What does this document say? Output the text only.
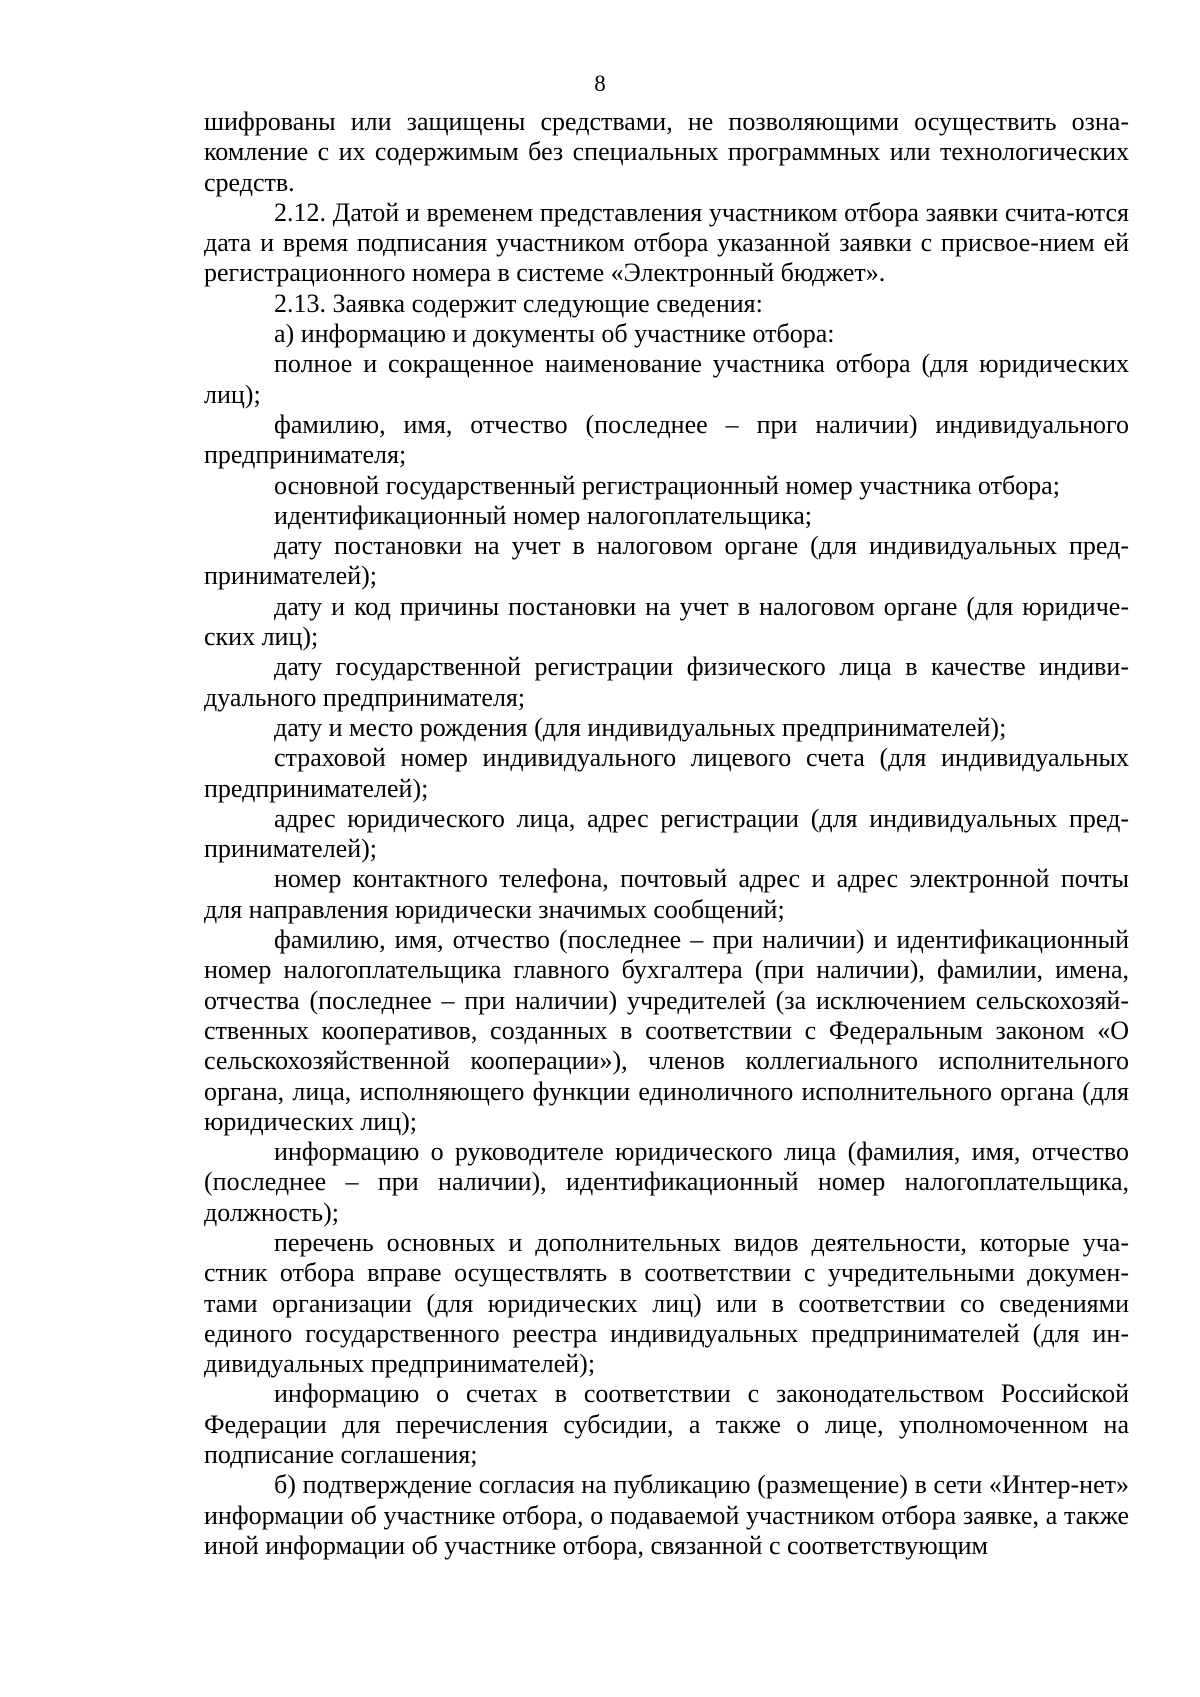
8

шифрованы или защищены средствами, не позволяющими осуществить озна-комление с их содержимым без специальных программных или технологических средств.

2.12. Датой и временем представления участником отбора заявки счита-ются дата и время подписания участником отбора указанной заявки с присвое-нием ей регистрационного номера в системе «Электронный бюджет».

2.13. Заявка содержит следующие сведения:

а) информацию и документы об участнике отбора:

полное и сокращенное наименование участника отбора (для юридических лиц);

фамилию, имя, отчество (последнее – при наличии) индивидуального предпринимателя;

основной государственный регистрационный номер участника отбора;

идентификационный номер налогоплательщика;

дату постановки на учет в налоговом органе (для индивидуальных пред-принимателей);

дату и код причины постановки на учет в налоговом органе (для юридиче-ских лиц);

дату государственной регистрации физического лица в качестве индиви-дуального предпринимателя;

дату и место рождения (для индивидуальных предпринимателей);

страховой номер индивидуального лицевого счета (для индивидуальных предпринимателей);

адрес юридического лица, адрес регистрации (для индивидуальных пред-принимателей);

номер контактного телефона, почтовый адрес и адрес электронной почты для направления юридически значимых сообщений;

фамилию, имя, отчество (последнее – при наличии) и идентификационный номер налогоплательщика главного бухгалтера (при наличии), фамилии, имена, отчества (последнее – при наличии) учредителей (за исключением сельскохозяй-ственных кооперативов, созданных в соответствии с Федеральным законом «О сельскохозяйственной кооперации»), членов коллегиального исполнительного органа, лица, исполняющего функции единоличного исполнительного органа (для юридических лиц);

информацию о руководителе юридического лица (фамилия, имя, отчество (последнее – при наличии), идентификационный номер налогоплательщика, должность);

перечень основных и дополнительных видов деятельности, которые уча-стник отбора вправе осуществлять в соответствии с учредительными докумен-тами организации (для юридических лиц) или в соответствии со сведениями единого государственного реестра индивидуальных предпринимателей (для ин-дивидуальных предпринимателей);

информацию о счетах в соответствии с законодательством Российской Федерации для перечисления субсидии, а также о лице, уполномоченном на подписание соглашения;

б) подтверждение согласия на публикацию (размещение) в сети «Интер-нет» информации об участнике отбора, о подаваемой участником отбора заявке, а также иной информации об участнике отбора, связанной с соответствующим
